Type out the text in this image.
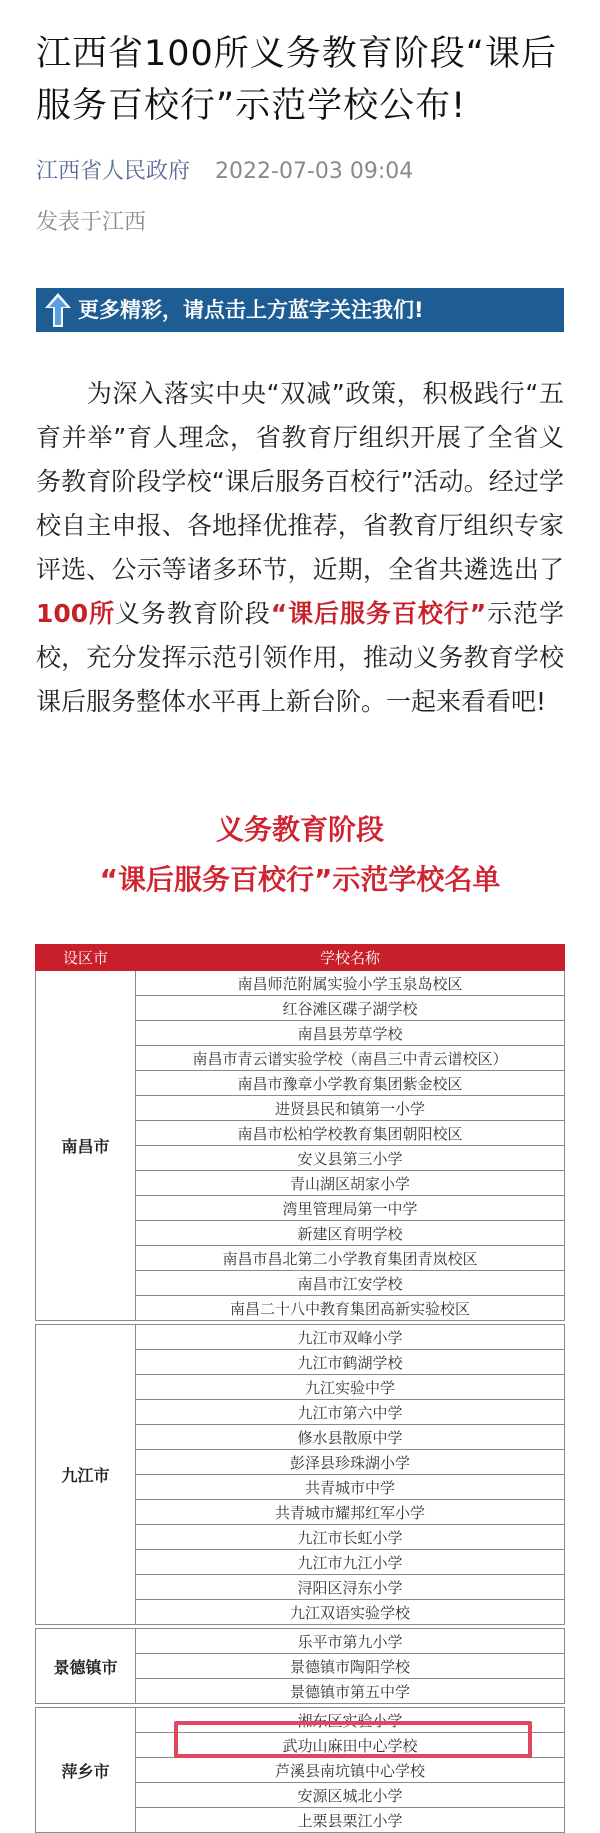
江西省100所义务教育阶段“课后服务百校行”示范学校公布!
江西省人民政府 2022-07-03 09:04
发表于江西
更多精彩，请点击上方蓝字关注我们!
为深入落实中央“双减”政策，积极践行“五育并举”育人理念，省教育厅组织开展了全省义务教育阶段学校“课后服务百校行”活动。经过学校自主申报、各地择优推荐，省教育厅组织专家评选、公示等诸多环节，近期，全省共遴选出了100所义务教育阶段“课后服务百校行”示范学校，充分发挥示范引领作用，推动义务教育学校课后服务整体水平再上新台阶。一起来看看吧!
义务教育阶段
“课后服务百校行”示范学校名单
设区市	学校名称
南昌市	南昌师范附属实验小学玉泉岛校区
	红谷滩区碟子湖学校
	南昌县芳草学校
	南昌市青云谱实验学校（南昌三中青云谱校区）
	南昌市豫章小学教育集团紫金校区
	进贤县民和镇第一小学
	南昌市松柏学校教育集团朝阳校区
	安义县第三小学
	青山湖区胡家小学
	湾里管理局第一中学
	新建区育明学校
	南昌市昌北第二小学教育集团青岚校区
	南昌市江安学校
	南昌二十八中教育集团高新实验校区

九江市	九江市双峰小学
	九江市鹤湖学校
	九江实验中学
	九江市第六中学
	修水县散原中学
	彭泽县珍珠湖小学
	共青城市中学
	共青城市耀邦红军小学
	九江市长虹小学
	九江市九江小学
	浔阳区浔东小学
	九江双语实验学校

景德镇市	乐平市第九小学
	景德镇市陶阳学校
	景德镇市第五中学

萍乡市	湘东区实验小学
	武功山麻田中心学校
	芦溪县南坑镇中心学校
	安源区城北小学
	上栗县栗江小学
